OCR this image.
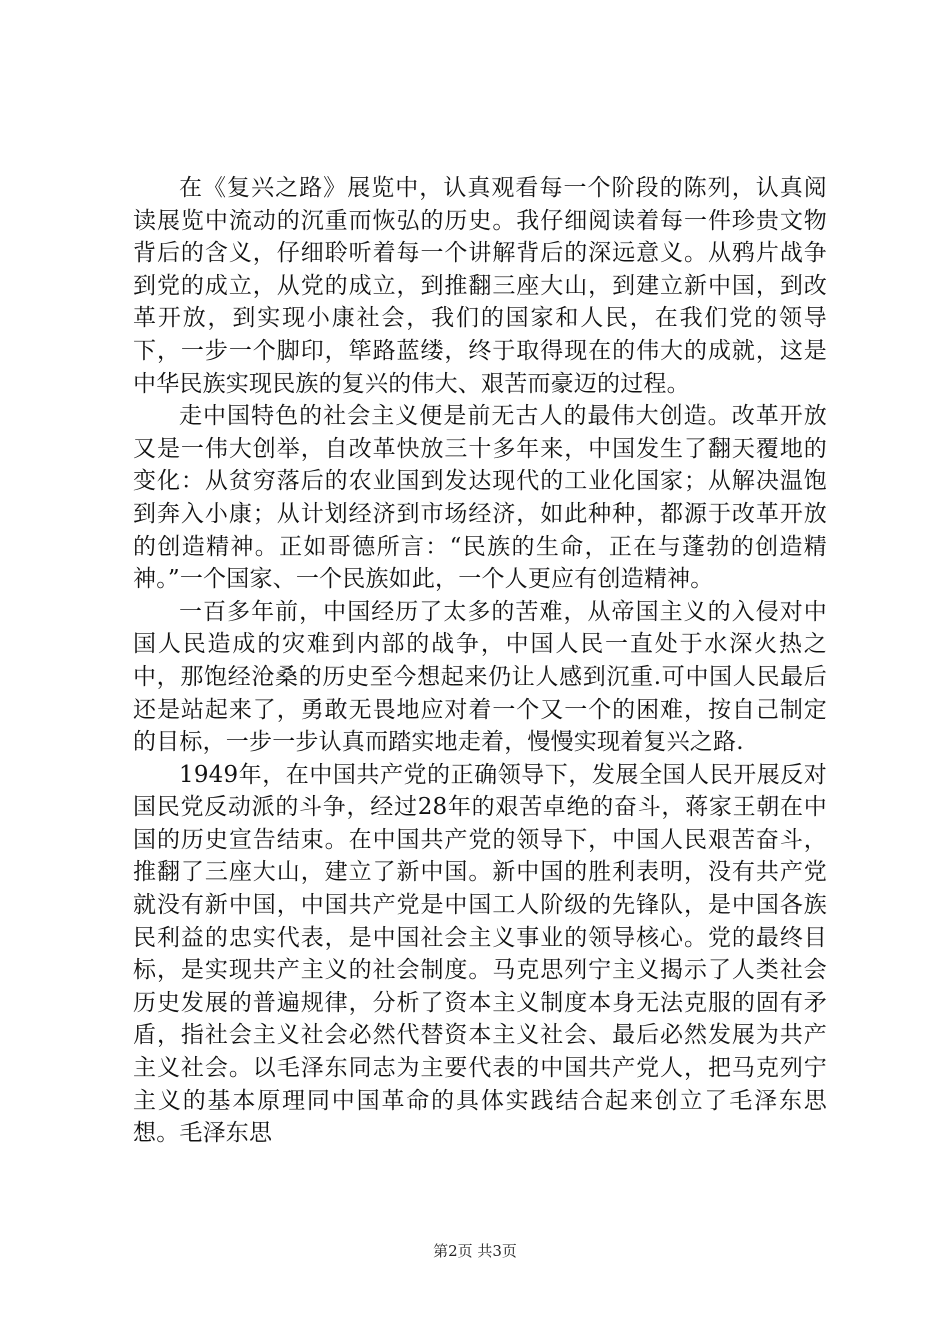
在《复兴之路》展览中，认真观看每一个阶段的陈列，认真阅读展览中流动的沉重而恢弘的历史。我仔细阅读着每一件珍贵文物背后的含义，仔细聆听着每一个讲解背后的深远意义。从鸦片战争到党的成立，从党的成立，到推翻三座大山，到建立新中国，到改革开放，到实现小康社会，我们的国家和人民，在我们党的领导下，一步一个脚印，筚路蓝缕，终于取得现在的伟大的成就，这是中华民族实现民族的复兴的伟大、艰苦而豪迈的过程。

走中国特色的社会主义便是前无古人的最伟大创造。改革开放又是一伟大创举，自改革快放三十多年来，中国发生了翻天覆地的变化：从贫穷落后的农业国到发达现代的工业化国家；从解决温饱到奔入小康；从计划经济到市场经济，如此种种，都源于改革开放的创造精神。正如哥德所言：“民族的生命，正在与蓬勃的创造精神。”一个国家、一个民族如此，一个人更应有创造精神。

一百多年前，中国经历了太多的苦难，从帝国主义的入侵对中国人民造成的灾难到内部的战争，中国人民一直处于水深火热之中，那饱经沧桑的历史至今想起来仍让人感到沉重.可中国人民最后还是站起来了，勇敢无畏地应对着一个又一个的困难，按自己制定的目标，一步一步认真而踏实地走着，慢慢实现着复兴之路.

1949年，在中国共产党的正确领导下，发展全国人民开展反对国民党反动派的斗争，经过28年的艰苦卓绝的奋斗，蒋家王朝在中国的历史宣告结束。在中国共产党的领导下，中国人民艰苦奋斗，推翻了三座大山，建立了新中国。新中国的胜利表明，没有共产党就没有新中国，中国共产党是中国工人阶级的先锋队，是中国各族民利益的忠实代表，是中国社会主义事业的领导核心。党的最终目标，是实现共产主义的社会制度。马克思列宁主义揭示了人类社会历史发展的普遍规律，分析了资本主义制度本身无法克服的固有矛盾，指社会主义社会必然代替资本主义社会、最后必然发展为共产主义社会。以毛泽东同志为主要代表的中国共产党人，把马克列宁主义的基本原理同中国革命的具体实践结合起来创立了毛泽东思想。毛泽东思

第2页 共3页
